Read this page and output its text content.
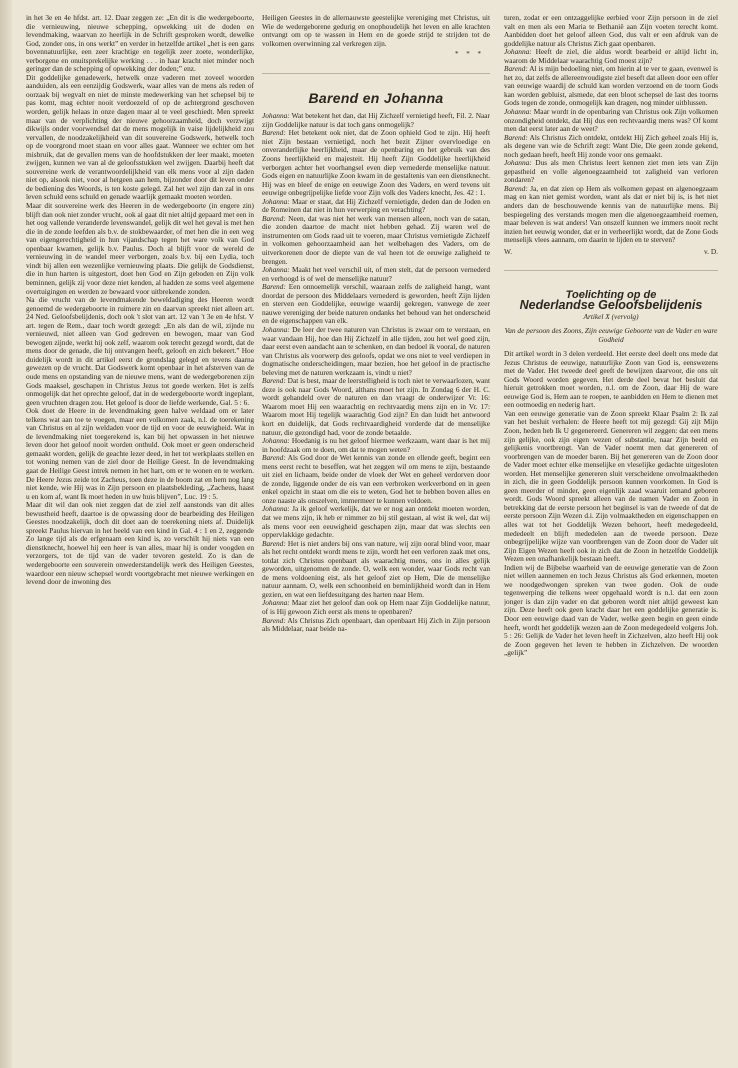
in het 3e en 4e hfdst. art. 12. Daar zeggen ze: „En dit is die wedergeboorte, die vernieuwing, nieuwe schepping, opwekking uit de doden en levendmaking, waarvan zo heerlijk in de Schrift gesproken wordt, dewelke God, zonder ons, in ons werkt” en verder in hetzelfde artikel „het is een gans bovennatuurlijke, een zeer krachtige en tegelijk zeer zoete, wonderlijke, verborgene en onuitsprekelijke werking . . . in haar kracht niet minder noch geringer dan de schepping of opwekking der doden;” enz.

Dit goddelijke genadewerk, hetwelk onze vaderen met zoveel woorden aanduiden, als een eenzijdig Godswerk, waar alles van de mens als reden of oorzaak bij wegvalt en niet de minste medewerking van het schepsel bij te pas komt, mag echter nooit verdoezeld of op de achtergrond geschoven worden, gelijk helaas in onze dagen maar al te veel geschiedt. Men spreekt maar van de verplichting der nieuwe gehoorzaamheid, doch verzwijgt dikwijls onder voorwendsel dat de mens mogelijk in vaise lijdelijkheid zou vervallen, de noodzakelijkheid van dit souvereine Godswerk, hetwelk toch op de voorgrond moet staan en voor alles gaat. Wanneer we echter om het misbruik, dat de gevallen mens van de hoofdstukken der leer maakt, moeten zwijgen, kunnen we van al de geloofsstukken wel zwijgen. Daarbij heeft dat souvereine werk de verantwoordelijkheid van elk mens voor al zijn daden niet op, alsook niet, voor al hetgeen aan hem, bijzonder door dit leven onder de bediening des Woords, is ten koste gelegd. Zal het wel zijn dan zal in ons leven schuld eens schuld en genade waarlijk gemaakt moeten worden.

Maar dit souvereine werk des Heeren in de wedergeboorte (in engere zin) blijft dan ook niet zonder vrucht, ook al gaat dit niet altijd gepaard met een in het oog vallende veranderde levenswandel, gelijk dit wel het geval is met hen die in de zonde leefden als b.v. de stokbewaarder, of met hen die in een weg van eigengerechtigheid in hun vijandschap tegen het ware volk van God openbaar kwamen, gelijk b.v. Paulus. Doch al blijft voor de wereld de vernieuwing in de wandel meer verborgen, zoals b.v. bij een Lydia, toch vindt bij allen een wezenlijke vernieuwing plaats. Die gelijk de Godsdienst, die in hun harten is uitgestort, doet hen God en Zijn geboden en Zijn volk beminnen, gelijk zij voor deze niet kenden, al hadden ze soms veel algemene overtuigingen en werden ze bewaard voor uitbrekende zonden.

Na die vrucht van de levendmakende beweldadiging des Heeren wordt genoemd de wedergeboorte in ruimere zin en daarvan spreekt niet alleen art. 24 Ned. Geloofsbelijdenis, doch ook 't slot van art. 12 van 't 3e en 4e hfst. V art. tegen de Rem., daar toch wordt gezegd: „En als dan de wil, zijnde nu vernieuwd, niet alleen van God gedreven en bewogen, maar van God bewogen zijnde, werkt hij ook zelf, waarom ook terecht gezegd wordt, dat de mens door de genade, die hij ontvangen heeft, gelooft en zich bekeert.” Hoe duidelijk wordt in dit artikel eerst de grondslag gelegd en tevens daarna gewezen op de vrucht. Dat Godswerk komt openbaar in het afsterven van de oude mens en opstanding van de nieuwe mens, want de wedergeborenen zijn Gods maaksel, geschapen in Christus Jezus tot goede werken. Het is zelfs onmogelijk dat het oprechte geloof, dat in de wedergeboorte wordt ingeplant, geen vruchten dragen zou. Het geloof is door de liefde werkende, Gal. 5 : 6.

Ook doet de Heere in de levendmaking geen halve weldaad om er later telkens wat aan toe te voegen, maar een volkomen zaak, n.l. de toerekening van Christus en al zijn weldaden voor de tijd en voor de eeuwigheid. Wat in de levendmaking niet toegerekend is, kan bij het opwassen in het nieuwe leven door het geloof nooit worden onthuld. Ook moet er geen onderscheid gemaakt worden, gelijk de geachte lezer deed, in het tot werkplaats stellen en tot woning nemen van de ziel door de Heilige Geest. In de levendmaking gaat de Heilige Geest intrek nemen in het hart, om er te wonen en te werken. De Heere Jezus zeide tot Zacheus, toen deze in de boom zat en hem nog lang niet kende, wie Hij was in Zijn persoon en plaatsbekleding, „Zacheus, haast u en kom af, want Ik moet heden in uw huis blijven”, Luc. 19 : 5.

Maar dit wil dan ook niet zeggen dat de ziel zelf aanstonds van dit alles bewustheid heeft, daartoe is de opwassing door de bearbeiding des Heiligen Geestes noodzakelijk, doch dit doet aan de toerekening niets af. Duidelijk spreekt Paulus hiervan in het beeld van een kind in Gal. 4 : 1 en 2, zeggende Zo lange tijd als de erfgenaam een kind is, zo verschilt hij niets van een dienstknecht, hoewel hij een heer is van alles, maar hij is onder voogden en verzorgers, tot de tijd van de vader tevoren gesteld. Zo is dan de wedergeboorte een souverein onwederstandelijk werk des Heiligen Geestes, waardoor een nieuw schepsel wordt voortgebracht met nieuwe werkingen en levend door de inwoning des

Heiligen Geestes in de allernauwste geestelijke vereniging met Christus, uit Wie de wedergeborene gedurig en onophoudelijk het leven en alle krachten ontvangt om op te wassen in Hem en de goede strijd te strijden tot de volkomen overwinning zal verkregen zijn.

* * *
Barend en Johanna

Johanna: Wat betekent het dan, dat Hij Zichzelf vernietigd heeft, Fil. 2. Naar zijn Goddelijke natuur is dat toch gans onmogelijk?

Barend: Het betekent ook niet, dat de Zoon ophield God te zijn. Hij heeft niet Zijn bestaan vernietigd, noch het bezit Zijner overvloedige en onveranderlijke heerlijkheid, maar de openbaring en het gebruik van des Zoons heerlijkheid en majesteit. Hij heeft Zijn Goddelijke heerlijkheid verborgen achter het voorhangsel even diep vernederde menselijke natuur. Gods eigen en natuurlijke Zoon kwam in de gestaltenis van een dienstknecht. Hij was en bleef de enige en eeuwige Zoon des Vaders, en werd tevens uit eeuwige onbegrijpelijke liefde voor Zijn volk des Vaders knecht, Jes. 42 : 1.

Johanna: Maar er staat, dat Hij Zichzelf vernietigde, deden dan de Joden en de Romeinen dat niet in hun verwerping en verachting?

Barend: Neen, dat was niet het werk van mensen alleen, noch van de satan, die zonden daartoe de macht niet hebben gehad. Zij waren wel de instrumenten om Gods raad uit te voeren, maar Christus vernietigde Zichzelf in volkomen gehoorzaamheid aan het welbehagen des Vaders, om de uitverkorenen door de diepte van de val heen tot de eeuwige zaligheid te brengen.

Johanna: Maakt het veel verschil uit, of men stelt, dat de persoon vernederd en verhoogd is of wel de menselijke natuur?

Barend: Een onnoemelijk verschil, waaraan zelfs de zaligheid hangt, want doordat de persoon des Middelaars vernederd is geworden, heeft Zijn lijden en sterven een Goddelijke, eeuwige waardij gekregen, vanwege de zeer nauwe vereniging der beide naturen ondanks het behoud van het onderscheid en de eigenschappen van elk.

Johanna: De leer der twee naturen van Christus is zwaar om te verstaan, en waar vandaan Hij, hoe dan Hij Zichzelf in alle tijden, zou het wel goed zijn, daar eerst even aandacht aan te schenken, en dan bedoel ik vooral, de naturen van Christus als voorwerp des geloofs, opdat we ons niet te veel verdiepen in dogmatische onderscheidingen, maar bezien, hoe het geloof in de practische beleving met de naturen werkzaam is, vindt u niet?

Barend: Dat is best, maar de leerstelligheid is toch niet te verwaarlozen, want deze is ook naar Gods Woord, althans moet het zijn. In Zondag 6 der H. C. wordt gehandeld over de naturen en dan vraagt de onderwijzer Vr. 16: Waarom moet Hij een waarachtig en rechtvaardig mens zijn en in Vr. 17: Waarom moet Hij tegelijk waarachtig God zijn? En dan luidt het antwoord kort en duidelijk, dat Gods rechtvaardigheid vorderde dat de menselijke natuur, die gezondigd had, voor de zonde betaalde.

Johanna: Hoedanig is nu het geloof hiermee werkzaam, want daar is het mij in hoofdzaak om te doen, om dat te mogen weten?

Barend: Als God door de Wet kennis van zonde en ellende geeft, begint een mens eerst recht te beseffen, wat het zeggen wil om mens te zijn, bestaande uit ziel en lichaam, beide onder de vloek der Wet en geheel verdorven door de zonde, liggende onder de eis van een verbroken werkverbond en in geen enkel opzicht in staat om die eis te weten, God het te hebben boven alles en onze naaste als onszelven, immermeer te kunnen voldoen.

Johanna: Ja ik geloof werkelijk, dat we er nog aan ontdekt moeten worden, dat we mens zijn, ik heb er nimmer zo bij stil gestaan, al wist ik wel, dat wij als mens voor een eeuwigheid geschapen zijn, maar dat was slechts een oppervlakkige gedachte.

Barend: Het is niet anders bij ons van nature, wij zijn ooral blind voor, maar als het recht ontdekt wordt mens te zijn, wordt het een verloren zaak met ons, totdat zich Christus openbaart als waarachtig mens, ons in alles gelijk geworden, uitgenomen de zonde. O, welk een wonder, waar Gods recht van de mens voldoening eist, als het geloof ziet op Hem, Die de menselijke natuur aannam. O, welk een schoonheid en beminlijkheid wordt dan in Hem gezien, en wat een liefdesuitgang des harten naar Hem.

Johanna: Maar ziet het geloof dan ook op Hem naar Zijn Goddelijke natuur, of is Hij gewoon Zich eerst als mens te openbaren?

Barend: Als Christus Zich openbaart, dan openbaart Hij Zich in Zijn persoon als Middelaar, naar beide na-

turen, zodat er een ontzaggelijke eerbied voor Zijn persoon in de ziel valt en men als een Maria te Bethanië aan Zijn voeten terecht komt. Aanbidden doet het geloof alleen God, dus valt er een afdruk van de goddelijke natuur als Christus Zich gaat openbaren.

Johanna: Heeft de ziel, die aldus wordt bearbeid er altijd licht in, waarom de Middelaar waarachtig God moest zijn?

Barend: Al is mijn bedoeling niet, om hierin al te ver te gaan, evenwel is het zo, dat zelfs de allereenvoudigste ziel beseft dat alleen door een offer van eeuwige waardij de schuld kan worden verzoend en de toorn Gods kan worden gebluist, alsmede, dat een bloot schepsel de last des toorns Gods tegen de zonde, onmogelijk kan dragen, nog minder uitblussen.

Johanna: Maar wordt in de openbaring van Christus ook Zijn volkomen onzondigheid ontdekt, dat Hij dus een rechtvaardig mens was? Of komt men dat eerst later aan de weet?

Barend: Als Christus Zich ontdekt, ontdekt Hij Zich geheel zoals Hij is, als degene van wie de Schrift zegt: Want Die, Die geen zonde gekend, noch gedaan heeft, heeft Hij zonde voor ons gemaakt.

Johanna: Dus als men Christus leert kennen ziet men iets van Zijn gepastheid en volle algenoegzaamheid tot zaligheid van verloren zondaren?

Barend: Ja, en dat zien op Hem als volkomen gepast en algenoegzaam mag en kan niet gemist worden, want als dat er niet bij is, is het niet anders dan de beschouwende kennis van de natuurlijke mens. Bij bespiegeling des verstands mogen men die algenoegzaamheid roemen, maar beleven is wat anders! Van onszelf kunnen we immers nooit recht inzien het eeuwig wonder, dat er in verheerlijkt wordt, dat de Zone Gods menselijk vlees aannam, om daarin te lijden en te sterven?

W.	v. D.
Toelichting op de
Nederlandse Geloofsbelijdenis
Artikel X (vervolg)

Van de persoon des Zoons, Zijn eeuwige Geboorte van de Vader en ware Godheid

Dit artikel wordt in 3 delen verdeeld. Het eerste deel deelt ons mede dat Jezus Christus de eeuwige, natuurlijke Zoon van God is, eenswezens met de Vader. Het tweede deel geeft de bewijzen daarvoor, die ons uit Gods Woord worden gegeven. Het derde deel bevat het besluit dat hieruit getrokken moet worden, n.l. om de Zoon, daar Hij de ware eeuwige God is, Hem aan te roepen, te aanbidden en Hem te dienen met een ootmoedig en nederig hart.

Van een eeuwige generatie van de Zoon spreekt Klaar Psalm 2: Ik zal van het besluit verhalen: de Heere heeft tot mij gezegd: Gij zijt Mijn Zoon, heden heb Ik U gegenereerd. Genereren wil zeggen: dat een mens zijn gelijke, ook zijn eigen wezen of substantie, naar Zijn beeld en gelijkenis voortbrengt. Van de Vader noemt men dat genereren of voorbrengen van de moeder baren. Bij het genereren van de Zoon door de Vader moet echter elke menselijke en vleselijke gedachte uitgesloten worden. Het menselijke genereren sluit verscheidene onvolmaaktheden in zich, die in geen Goddelijk persoon kunnen voorkomen. In God is geen meerder of minder, geen eigenlijk zaad waaruit iemand geboren wordt. Gods Woord spreekt alleen van de namen Vader en Zoon in betrekking dat de eerste persoon het beginsel is van de tweede of dat de eerste persoon Zijn Wezen d.i. Zijn volmaaktheden en eigenschappen en alles wat tot het Goddelijk Wezen behoort, heeft medegedeeld, mededeelt en blijft mededelen aan de tweede persoon. Deze onbegrijpelijke wijze van voortbrengen van de Zoon door de Vader uit Zijn Eigen Wezen heeft ook in zich dat de Zoon in hetzelfde Goddelijk Wezen een onafhankelijk bestaan heeft.

Indien wij de Bijbelse waarheid van de eeuwige generatie van de Zoon niet willen aannemen en toch Jezus Christus als God erkennen, moeten we noodgedwongen spreken van twee goden. Ook de oude tegenwerping die telkens weer opgehaald wordt is n.l. dat een zoon jonger is dan zijn vader en dat geboren wordt niet altijd geweest kan zijn. Deze heeft ook geen kracht daar het een goddelijke generatie is. Door een eeuwige daad van de Vader, welke geen begin en geen einde heeft, wordt het goddelijk wezen aan de Zoon medegedeeld volgens Joh. 5 : 26: Gelijk de Vader het leven heeft in Zichzelven, alzo heeft Hij ook de Zoon gegeven het leven te hebben in Zichzelven. De woorden „gelijk”
